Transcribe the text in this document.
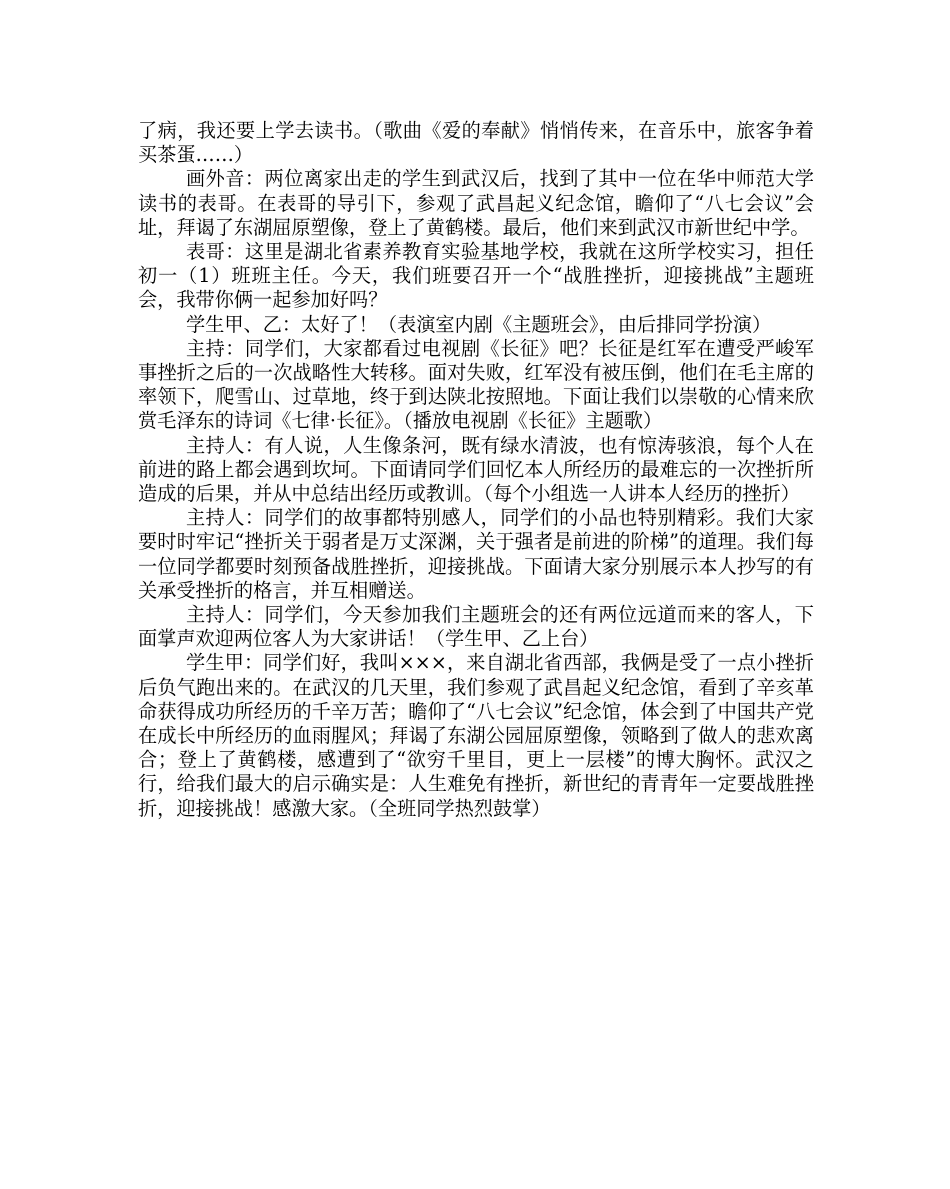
了病，我还要上学去读书。（歌曲《爱的奉献》悄悄传来，在音乐中，旅客争着买茶蛋……）

画外音：两位离家出走的学生到武汉后，找到了其中一位在华中师范大学读书的表哥。在表哥的导引下，参观了武昌起义纪念馆，瞻仰了“八七会议”会址，拜谒了东湖屈原塑像，登上了黄鹤楼。最后，他们来到武汉市新世纪中学。

表哥：这里是湖北省素养教育实验基地学校，我就在这所学校实习，担任初一（1）班班主任。今天，我们班要召开一个“战胜挫折，迎接挑战”主题班会，我带你俩一起参加好吗？

学生甲、乙：太好了！（表演室内剧《主题班会》，由后排同学扮演）

主持：同学们，大家都看过电视剧《长征》吧？长征是红军在遭受严峻军事挫折之后的一次战略性大转移。面对失败，红军没有被压倒，他们在毛主席的率领下，爬雪山、过草地，终于到达陕北按照地。下面让我们以崇敬的心情来欣赏毛泽东的诗词《七律·长征》。（播放电视剧《长征》主题歌）

主持人：有人说，人生像条河，既有绿水清波，也有惊涛骇浪，每个人在前进的路上都会遇到坎坷。下面请同学们回忆本人所经历的最难忘的一次挫折所造成的后果，并从中总结出经历或教训。（每个小组选一人讲本人经历的挫折）

主持人：同学们的故事都特别感人，同学们的小品也特别精彩。我们大家要时时牢记“挫折关于弱者是万丈深渊，关于强者是前进的阶梯”的道理。我们每一位同学都要时刻预备战胜挫折，迎接挑战。下面请大家分别展示本人抄写的有关承受挫折的格言，并互相赠送。

主持人：同学们，今天参加我们主题班会的还有两位远道而来的客人，下面掌声欢迎两位客人为大家讲话！（学生甲、乙上台）

学生甲：同学们好，我叫×××，来自湖北省西部，我俩是受了一点小挫折后负气跑出来的。在武汉的几天里，我们参观了武昌起义纪念馆，看到了辛亥革命获得成功所经历的千辛万苦；瞻仰了“八七会议”纪念馆，体会到了中国共产党在成长中所经历的血雨腥风；拜谒了东湖公园屈原塑像，领略到了做人的悲欢离合；登上了黄鹤楼，感遭到了“欲穷千里目，更上一层楼”的博大胸怀。武汉之行，给我们最大的启示确实是：人生难免有挫折，新世纪的青青年一定要战胜挫折，迎接挑战！感激大家。（全班同学热烈鼓掌）
